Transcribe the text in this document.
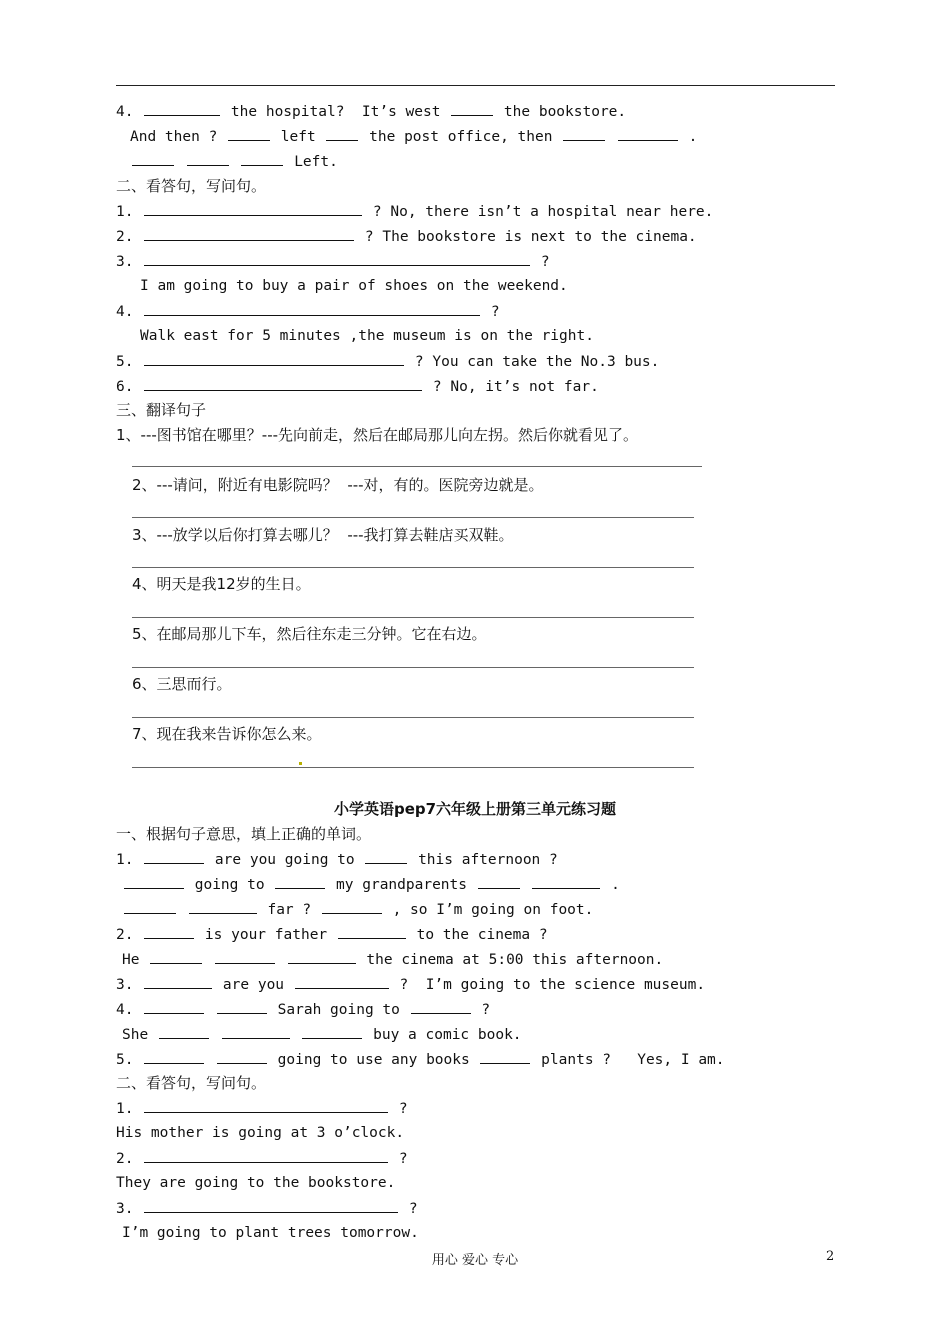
4.	the hospital?  It’s west	the bookstore.
And then ?	left  the post office, then	.
Left.
二、看答句，写问句。
1.	? No, there isn’t a hospital near here.
2.	? The bookstore is next to the cinema.
3.	?
I am going to buy a pair of shoes on the weekend.
4.	?
Walk east for 5 minutes ,the museum is on the right.
5.	? You can take the No.3 bus.
6.	? No, it’s not far.
三、翻译句子
1、---图书馆在哪里？---先向前走，然后在邮局那儿向左拐。然后你就看见了。
2、---请问，附近有电影院吗？  ---对，有的。医院旁边就是。
3、---放学以后你打算去哪儿？  ---我打算去鞋店买双鞋。
4、明天是我12岁的生日。
5、在邮局那儿下车，然后往东走三分钟。它在右边。
6、三思而行。
7、现在我来告诉你怎么来。
一、根据句子意思，填上正确的单词。
1.	are you going to	this afternoon ?
going to	my grandparents	.
far ?	, so I’m going on foot.
2.	is your father	to the cinema ?
He	the cinema at 5:00 this afternoon.
3.	are you	?  I’m going to the science museum.
4.	Sarah going to	?
She	buy a comic book.
5.	going to use any books	plants ?   Yes, I am.
二、看答句，写问句。
1.	?
His mother is going at 3 o’clock.
2.	?
They are going to the bookstore.
3.	?
I’m going to plant trees tomorrow.
小学英语pep7六年级上册第三单元练习题
用心 爱心 专心	2
